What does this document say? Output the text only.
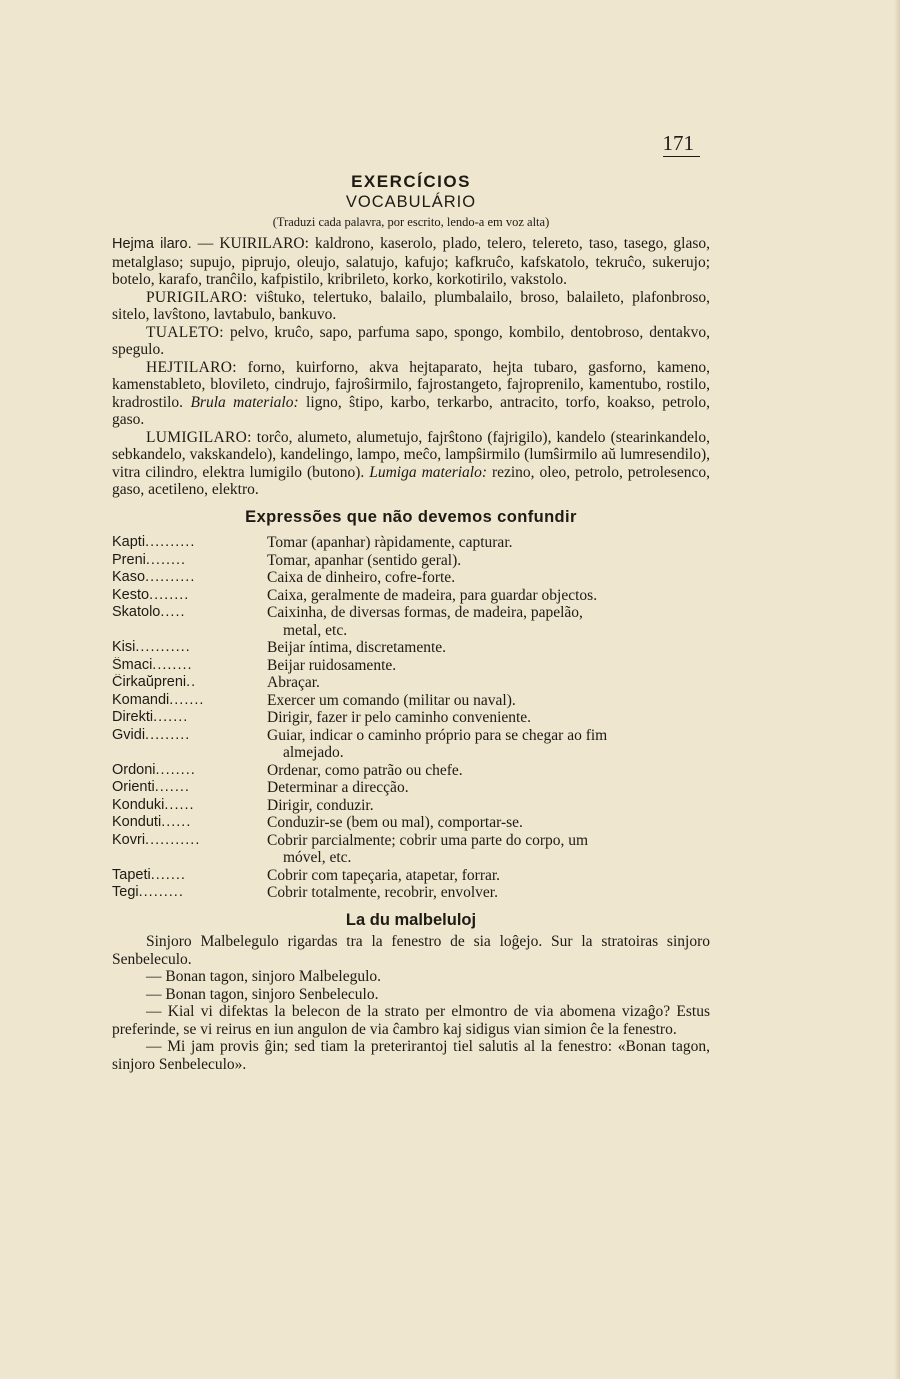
171
EXERCÍCIOS
VOCABULÁRIO
(Traduzi cada palavra, por escrito, lendo-a em voz alta)

Hejma ilaro. — KUIRILARO: kaldrono, kaserolo, plado, telero, telereto, taso, tasego, glaso, metalglaso; supujo, pipr​ujo, oleujo, salatujo, kafujo; kafkruĉo, kafskatolo, tekruĉo, sukerujo; botelo, karafo, tranĉilo, kafpistilo, kribrileto, korko, korkotirilo, vakstolo.

PURIGILARO: viŝtuko, telertuko, balailo, plumbalailo, broso, balaileto, plafonbroso, sitelo, lavŝtono, lavtabulo, bankuvo.

TUALETO: pelvo, kruĉo, sapo, parfuma sapo, spongo, kombilo, dentobroso, dentakvo, spegulo.

HEJTILARO: forno, kuirforno, akva hejtaparato, hejta tubaro, gasforno, kameno, kamenstableto, blovileto, cindrujo, fajroŝirmilo, fajrostangeto, fajroprenilo, kamentubo, rostilo, kradrostilo. Brula materialo: ligno, ŝtipo, karbo, terkarbo, antracito, torfo, koakso, petrolo, gaso.

LUMIGILARO: torĉo, alumeto, alumetujo, fajrŝtono (fajrigilo), kandelo (stearinkandelo, sebkandelo, vakskandelo), kandelingo, lampo, meĉo, lampŝirmilo (lumŝirmilo aŭ lumresendilo), vitra cilindro, elektra lumigilo (butono). Lumiga materialo: rezino, oleo, petrolo, petrolesenco, gaso, acetileno, elektro.

Expressões que não devemos confundir
Kapti..........	Tomar (apanhar) ràpidamente, capturar.
Preni........	Tomar, apanhar (sentido geral).
Kaso..........	Caixa de dinheiro, cofre-forte.
Kesto........	Caixa, geralmente de madeira, para guardar objectos.
Skatolo.....	Caixinha, de diversas formas, de madeira, papelão,
metal, etc.
Kisi...........	Beijar íntima, discretamente.
Ŝmaci........	Beijar ruidosamente.
Ĉirkaŭpreni..	Abraçar.
Komandi.......	Exercer um comando (militar ou naval).
Direkti.......	Dirigir, fazer ir pelo caminho conveniente.
Gvidi.........	Guiar, indicar o caminho próprio para se chegar ao fim
almejado.
Ordoni........	Ordenar, como patrão ou chefe.
Orienti.......	Determinar a direcção.
Konduki......	Dirigir, conduzir.
Konduti......	Conduzir-se (bem ou mal), comportar-se.
Kovri...........	Cobrir parcialmente; cobrir uma parte do corpo, um
móvel, etc.
Tapeti.......	Cobrir com tapeçaria, atapetar, forrar.
Tegi.........	Cobrir totalmente, recobrir, envolver.
La du malbeluloj

Sinjoro Malbelegulo rigardas tra la fenestro de sia loĝejo. Sur la stratoiras sinjoro Senbeleculo.

— Bonan tagon, sinjoro Malbelegulo.

— Bonan tagon, sinjoro Senbeleculo.

— Kial vi difektas la belecon de la strato per elmontro de via abomena vizaĝo? Estus preferinde, se vi reirus en iun angulon de via ĉambro kaj sidigus vian simion ĉe la fenestro.

— Mi jam provis ĝin; sed tiam la preterirantoj tiel salutis al la fenestro: «Bonan tagon, sinjoro Senbeleculo».
